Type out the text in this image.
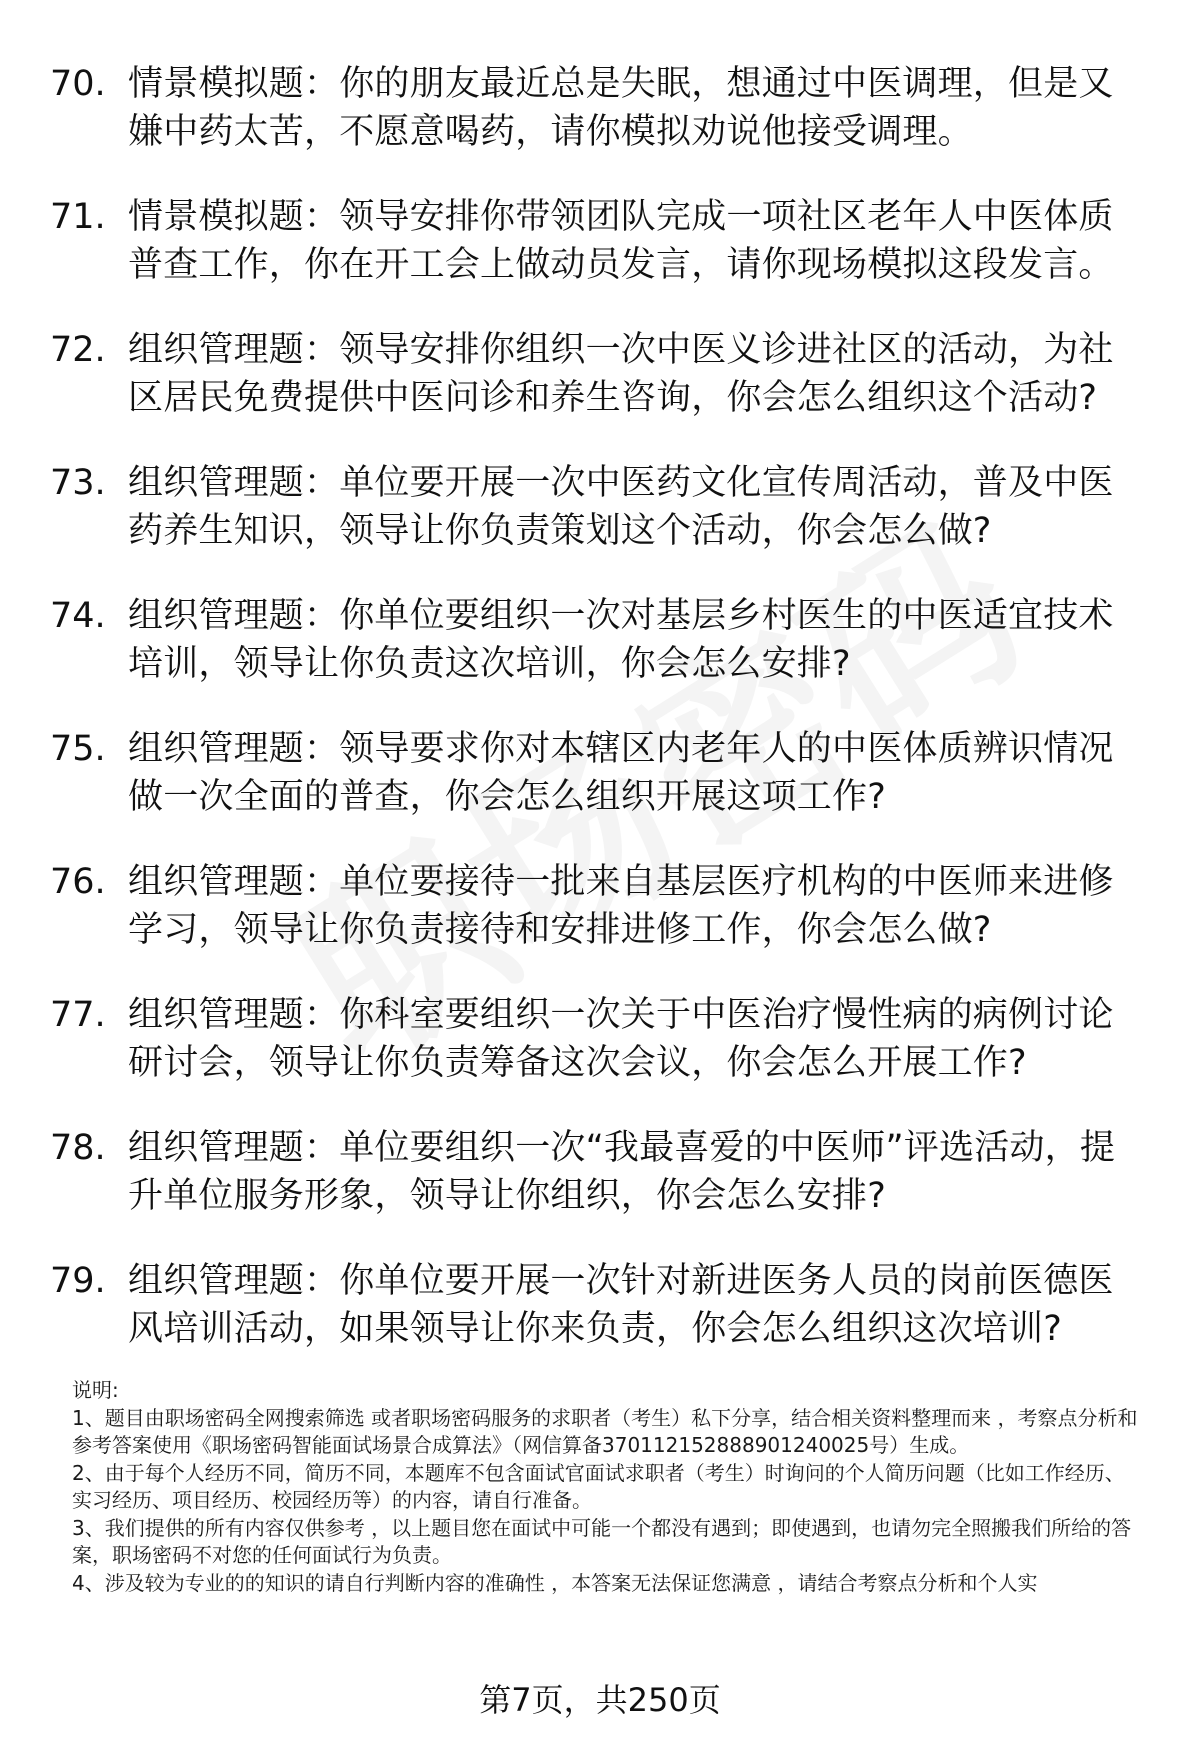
70. 情景模拟题：你的朋友最近总是失眠，想通过中医调理，但是又嫌中药太苦，不愿意喝药，请你模拟劝说他接受调理。
71. 情景模拟题：领导安排你带领团队完成一项社区老年人中医体质普查工作，你在开工会上做动员发言，请你现场模拟这段发言。
72. 组织管理题：领导安排你组织一次中医义诊进社区的活动，为社区居民免费提供中医问诊和养生咨询，你会怎么组织这个活动?
73. 组织管理题：单位要开展一次中医药文化宣传周活动，普及中医药养生知识，领导让你负责策划这个活动，你会怎么做?
74. 组织管理题：你单位要组织一次对基层乡村医生的中医适宜技术培训，领导让你负责这次培训，你会怎么安排?
75. 组织管理题：领导要求你对本辖区内老年人的中医体质辨识情况做一次全面的普查，你会怎么组织开展这项工作?
76. 组织管理题：单位要接待一批来自基层医疗机构的中医师来进修学习，领导让你负责接待和安排进修工作，你会怎么做?
77. 组织管理题：你科室要组织一次关于中医治疗慢性病的病例讨论研讨会，领导让你负责筹备这次会议，你会怎么开展工作?
78. 组织管理题：单位要组织一次“我最喜爱的中医师”评选活动，提升单位服务形象，领导让你组织，你会怎么安排?
79. 组织管理题：你单位要开展一次针对新进医务人员的岗前医德医风培训活动，如果领导让你来负责，你会怎么组织这次培训?

说明:

1、题目由职场密码全网搜索筛选 或者职场密码服务的求职者（考生）私下分享，结合相关资料整理而来 ，考察点分析和参考答案使用《职场密码智能面试场景合成算法》（网信算备370112152888901240025号）生成。

2、由于每个人经历不同，简历不同，本题库不包含面试官面试求职者（考生）时询问的个人简历问题（比如工作经历、实习经历、项目经历、校园经历等）的内容，请自行准备。

3、我们提供的所有内容仅供参考 ，以上题目您在面试中可能一个都没有遇到；即使遇到，也请勿完全照搬我们所给的答案，职场密码不对您的任何面试行为负责。

4、涉及较为专业的的知识的请自行判断内容的准确性 ，本答案无法保证您满意 ，请结合考察点分析和个人实

第7页，共250页
